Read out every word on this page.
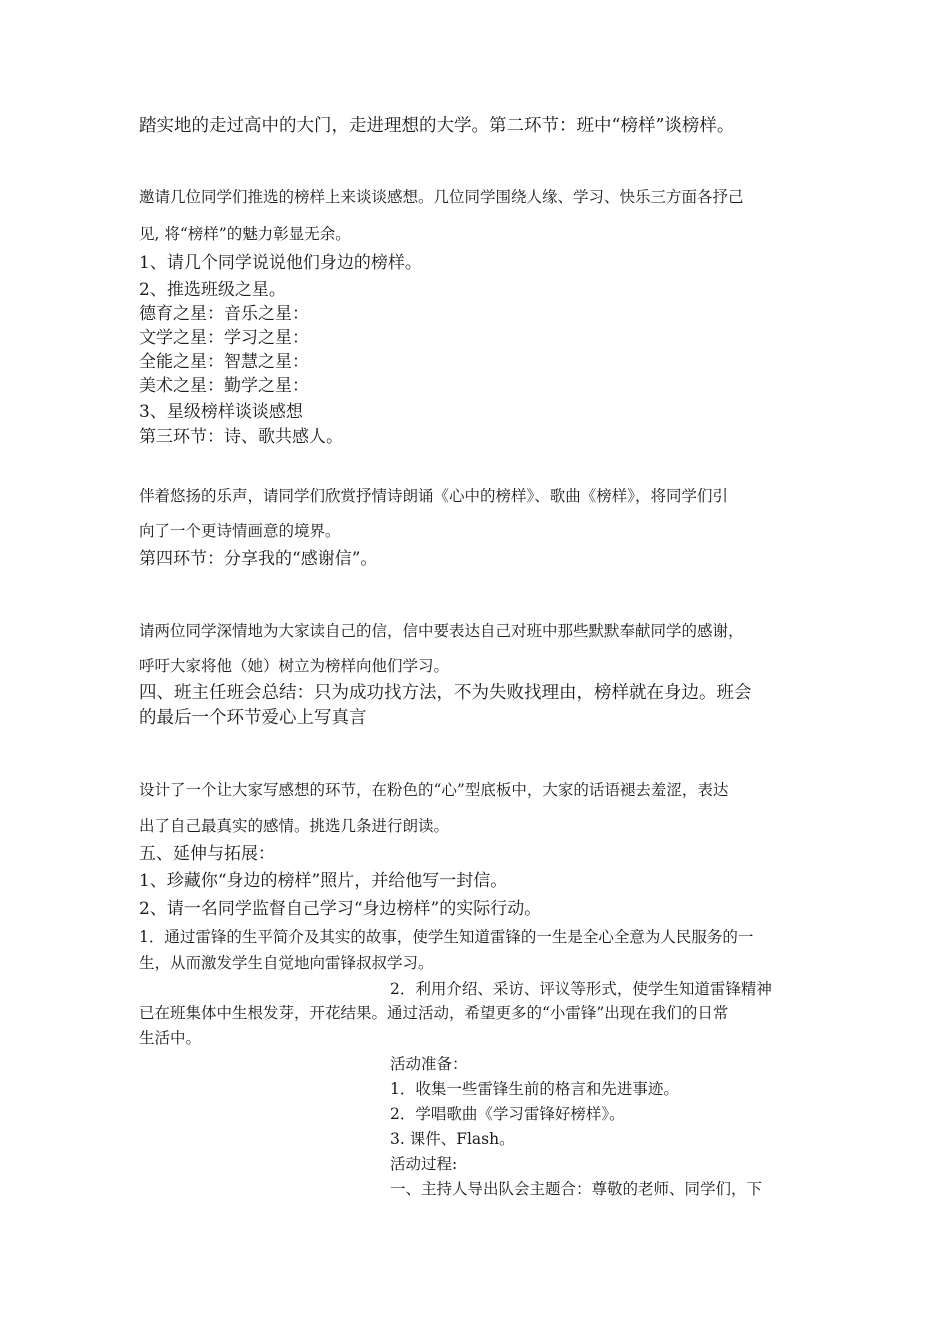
踏实地的走过高中的大门，走进理想的大学。第二环节：班中“榜样”谈榜样。
邀请几位同学们推选的榜样上来谈谈感想。几位同学围绕人缘、学习、快乐三方面各抒己
见, 将“榜样”的魅力彰显无余。
1、请几个同学说说他们身边的榜样。
2、推选班级之星。
德育之星：音乐之星：
文学之星：学习之星：
全能之星：智慧之星：
美术之星：勤学之星：
3、星级榜样谈谈感想
第三环节：诗、歌共感人。
伴着悠扬的乐声，请同学们欣赏抒情诗朗诵《心中的榜样》、歌曲《榜样》，将同学们引
向了一个更诗情画意的境界。
第四环节：分享我的“感谢信”。
请两位同学深情地为大家读自己的信，信中要表达自己对班中那些默默奉献同学的感谢，
呼吁大家将他（她）树立为榜样向他们学习。
四、班主任班会总结：只为成功找方法，不为失败找理由，榜样就在身边。班会
的最后一个环节爱心上写真言
设计了一个让大家写感想的环节，在粉色的“心”型底板中，大家的话语褪去羞涩，表达
出了自己最真实的感情。挑选几条进行朗读。
五、延伸与拓展：
1、珍藏你“身边的榜样”照片，并给他写一封信。
2、请一名同学监督自己学习“身边榜样”的实际行动。
1．通过雷锋的生平简介及其实的故事，使学生知道雷锋的一生是全心全意为人民服务的一
生，从而激发学生自觉地向雷锋叔叔学习。
2．利用介绍、采访、评议等形式，使学生知道雷锋精神
已在班集体中生根发芽，开花结果。通过活动，希望更多的“小雷锋”出现在我们的日常
生活中。
活动准备：
1．收集一些雷锋生前的格言和先进事迹。
2．学唱歌曲《学习雷锋好榜样》。
3. 课件、Flash。
活动过程:
一、主持人导出队会主题合：尊敬的老师、同学们，下
